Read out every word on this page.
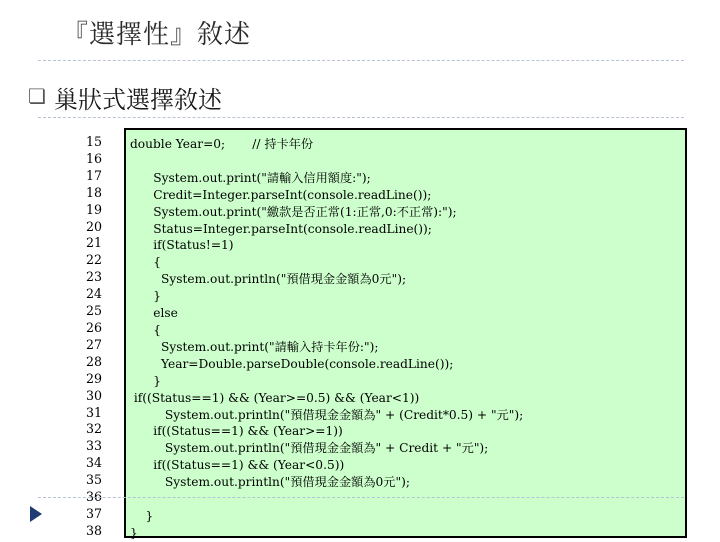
『選擇性』敘述
❏ 巢狀式選擇敘述
15
16
17
18
19
20
21
22
23
24
25
26
27
28
29
30
31
32
33
34
35
36
37
38
double Year=0;       // 持卡年份

System.out.print("請輸入信用額度:");
Credit=Integer.parseInt(console.readLine());
System.out.print("繳款是否正常(1:正常,0:不正常):");
Status=Integer.parseInt(console.readLine());
if(Status!=1)
{
System.out.println("預借現金金額為0元");
}
else
{
System.out.print("請輸入持卡年份:");
Year=Double.parseDouble(console.readLine());
}
if((Status==1) && (Year>=0.5) && (Year<1))
System.out.println("預借現金金額為" + (Credit*0.5) + "元");
if((Status==1) && (Year>=1))
System.out.println("預借現金金額為" + Credit + "元");
if((Status==1) && (Year<0.5))
System.out.println("預借現金金額為0元");

}
}
